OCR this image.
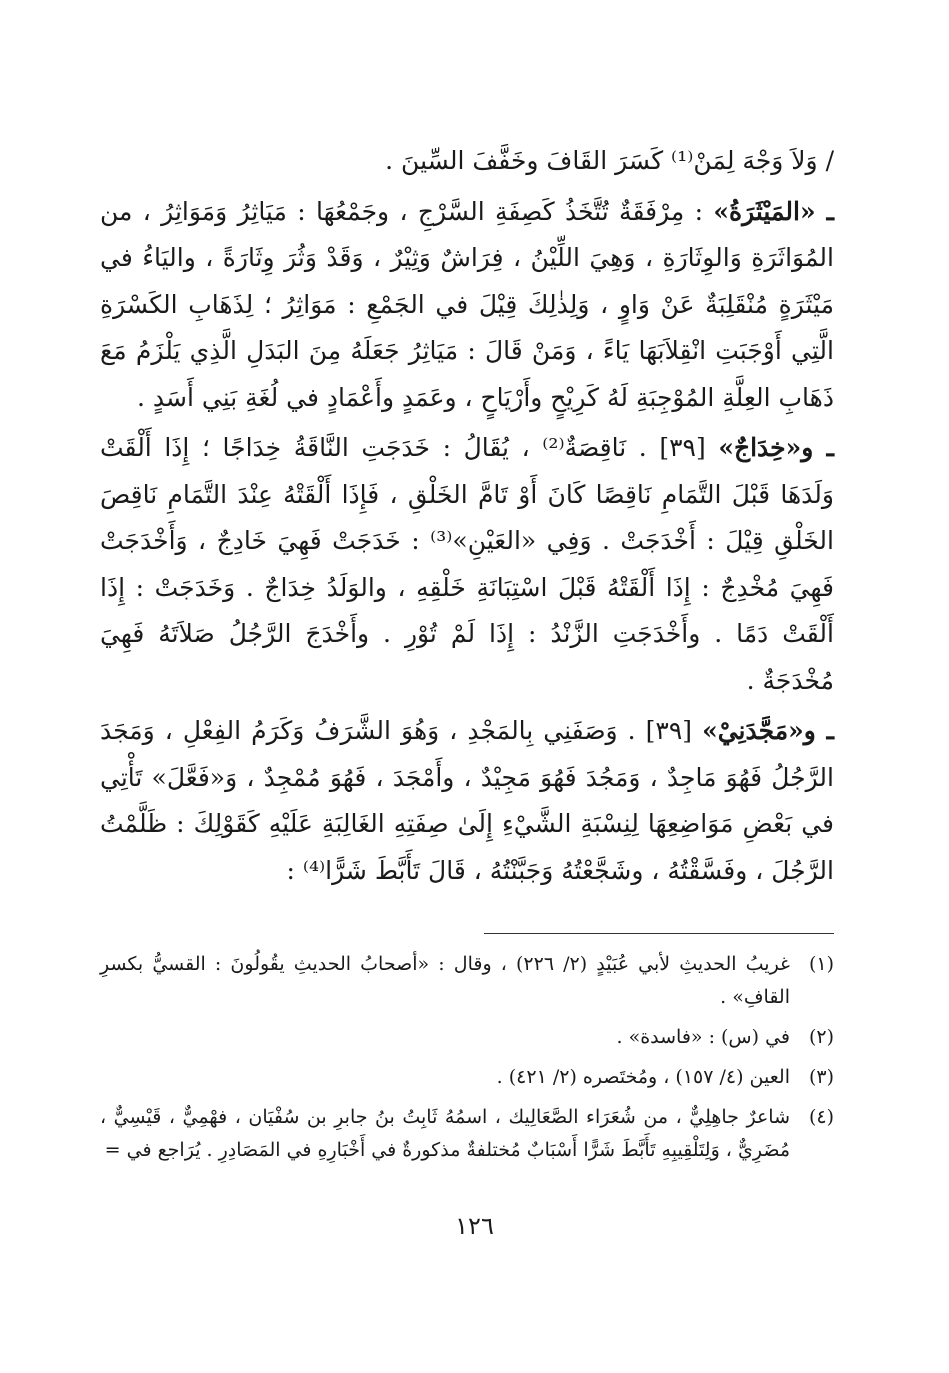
/ وَلاَ وَجْهَ لِمَنْ⁽¹⁾ كَسَرَ القَافَ وخَفَّفَ السِّينَ .

ـ «المَيْثَرَةُ» : مِرْفَقَةٌ تُتَّخَذُ كَصِفَةِ السَّرْجِ ، وجَمْعُهَا : مَيَاثِرُ وَمَوَاثِرُ ، من المُوَاثَرَةِ وَالوِثَارَةِ ، وَهِيَ اللِّيْنُ ، فِرَاشٌ وَثِيْرٌ ، وَقَدْ وَثُرَ وِثَارَةً ، واليَاءُ في مَيْثَرَةٍ مُنْقَلِبَةٌ عَنْ وَاوٍ ، وَلِذٰلِكَ قِيْلَ في الجَمْعِ : مَوَاثِرُ ؛ لِذَهَابِ الكَسْرَةِ الَّتِي أَوْجَبَتِ انْقِلاَبَهَا يَاءً ، وَمَنْ قَالَ : مَيَاثِرُ جَعَلَهُ مِنَ البَدَلِ الَّذِي يَلْزَمُ مَعَ ذَهَابِ العِلَّةِ المُوْجِبَةِ لَهُ كَرِيْحٍ وأَرْيَاحٍ ، وعَمَدٍ وأَعْمَادٍ في لُغَةِ بَنِي أَسَدٍ .

ـ و«خِدَاجٌ» [٣٩] . نَاقِصَةٌ⁽²⁾ ، يُقَالُ : خَدَجَتِ النَّاقَةُ خِدَاجًا ؛ إِذَا أَلْقَتْ وَلَدَهَا قَبْلَ التَّمَامِ نَاقِصًا كَانَ أَوْ تَامَّ الخَلْقِ ، فَإِذَا أَلْقَتْهُ عِنْدَ التَّمَامِ نَاقِصَ الخَلْقِ قِيْلَ : أَخْدَجَتْ . وَفِي «العَيْنِ»⁽³⁾ : خَدَجَتْ فَهِيَ خَادِجٌ ، وَأَخْدَجَتْ فَهِيَ مُخْدِجٌ : إِذَا أَلْقَتْهُ قَبْلَ اسْتِبَانَةِ خَلْقِهِ ، والوَلَدُ خِدَاجٌ . وَخَدَجَتْ : إِذَا أَلْقَتْ دَمًا . وأَخْدَجَتِ الزَّنْدُ : إِذَا لَمْ تُوْرِ . وأَخْدَجَ الرَّجُلُ صَلاَتَهُ فَهِيَ مُخْدَجَةٌ .

ـ و«مَجَّدَنِيْ» [٣٩] . وَصَفَنِي بِالمَجْدِ ، وَهُوَ الشَّرَفُ وَكَرَمُ الفِعْلِ ، وَمَجَدَ الرَّجُلُ فَهُوَ مَاجِدٌ ، وَمَجُدَ فَهُوَ مَجِيْدٌ ، وأَمْجَدَ ، فَهُوَ مُمْجِدٌ ، وَ«فَعَّلَ» تَأْتِي في بَعْضِ مَوَاضِعِهَا لِنِسْبَةِ الشَّيْءِ إِلَىٰ صِفَتِهِ الغَالِبَةِ عَلَيْهِ كَقَوْلِكَ : ظَلَّمْتُ الرَّجُلَ ، وفَسَّقْتُهُ ، وشَجَّعْتُهُ وَجَبَّنْتُهُ ، قَالَ تَأَبَّطَ شَرًّا⁽⁴⁾ :

(١)
غريبُ الحديثِ لأبي عُبَيْدٍ (٢/ ٢٢٦) ، وقال : «أصحابُ الحديثِ يقُولُونَ : القسيُّ بكسرِ القافِ» .
(٢)
في (س) : «فاسدة» .
(٣)
العين (٤/ ١٥٧) ، ومُختَصره (٢/ ٤٢١) .
(٤)
شاعرٌ جاهِلِيٌّ ، من شُعَرَاء الصَّعَالِيك ، اسمُهُ ثَابِتُ بنُ جابرِ بن سُفْيَان ، فهْمِيٌّ ، قَيْسِيٌّ ، مُضَرِيٌّ ، وَلِتَلْقِيبِهِ تَأَبَّطَ شَرًّا أَسْبَابٌ مُختلفةٌ مذكورةٌ في أَخْبَارِهِ في المَصَادِرِ . يُرَاجع في =
١٢٦
